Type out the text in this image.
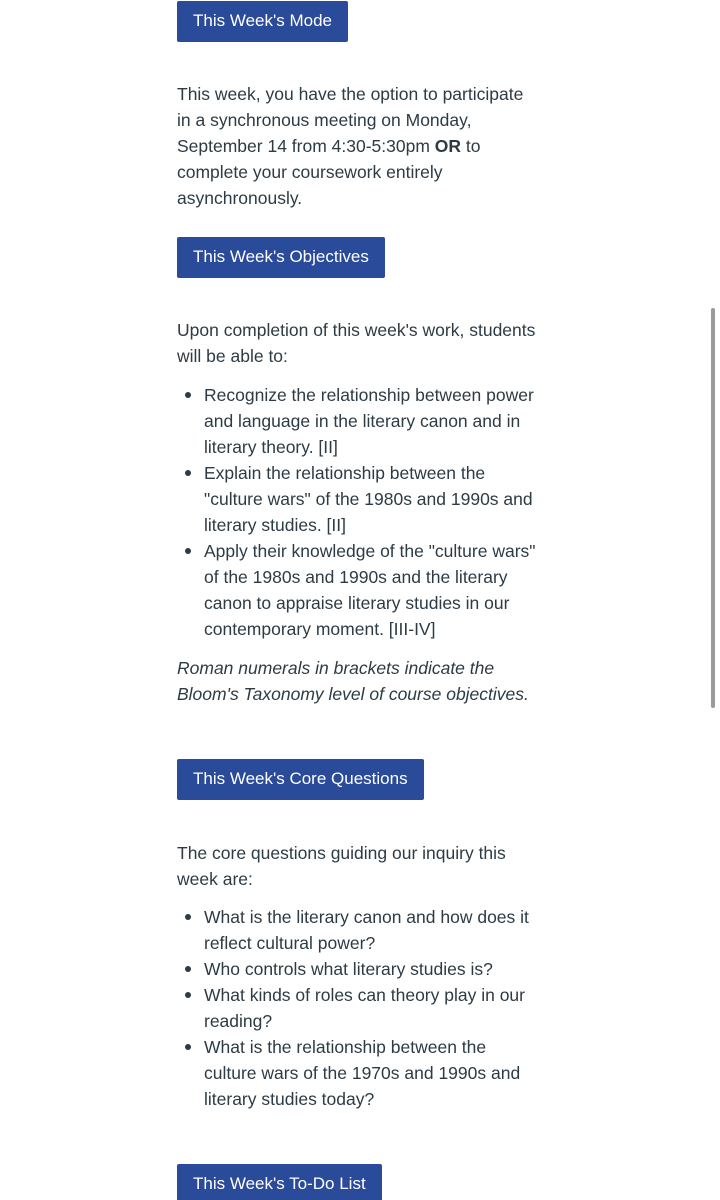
This Week's Mode

This week, you have the option to participate in a synchronous meeting on Monday, September 14 from 4:30-5:30pm OR to complete your coursework entirely asynchronously.

This Week's Objectives

Upon completion of this week's work, students will be able to:

Recognize the relationship between power and language in the literary canon and in literary theory. [II]
Explain the relationship between the "culture wars" of the 1980s and 1990s and literary studies. [II]
Apply their knowledge of the "culture wars" of the 1980s and 1990s and the literary canon to appraise literary studies in our contemporary moment. [III-IV]

Roman numerals in brackets indicate the Bloom's Taxonomy level of course objectives.

This Week's Core Questions

The core questions guiding our inquiry this week are:

What is the literary canon and how does it reflect cultural power?
Who controls what literary studies is?
What kinds of roles can theory play in our reading?
What is the relationship between the culture wars of the 1970s and 1990s and literary studies today?
This Week's To-Do List
